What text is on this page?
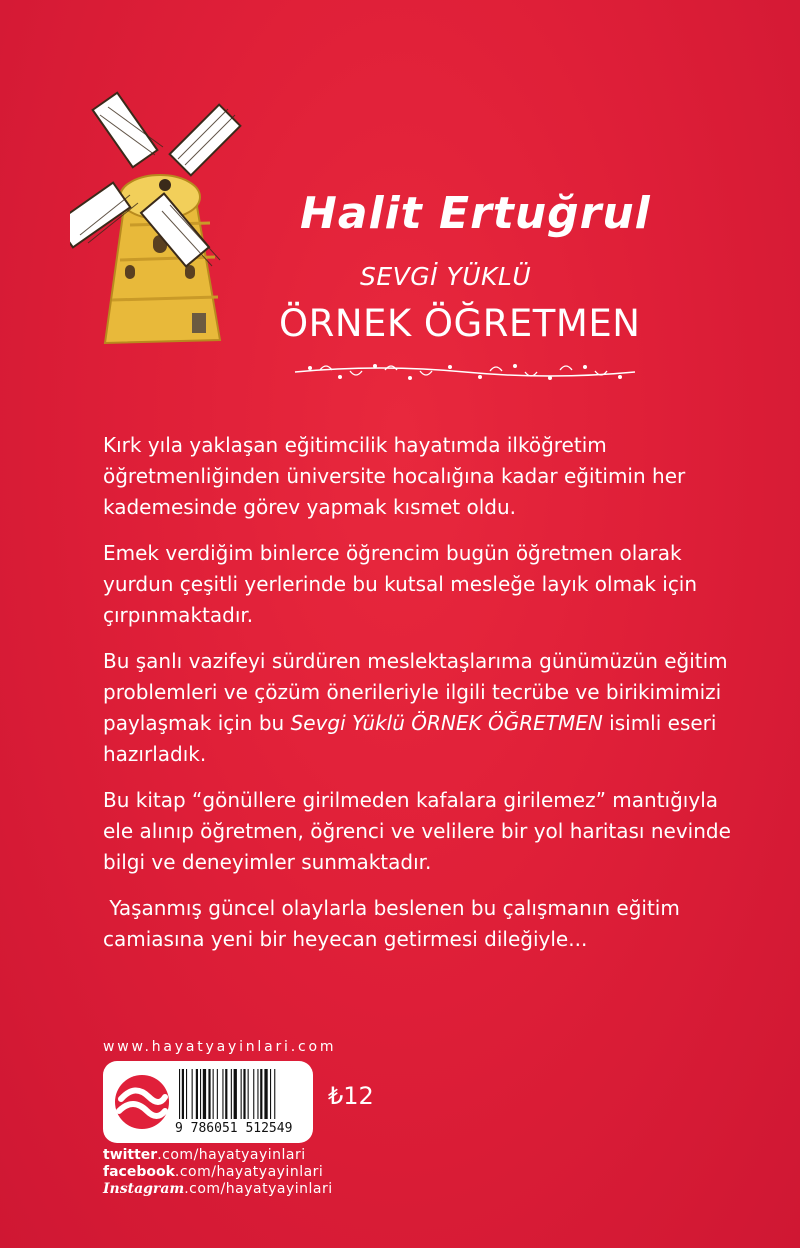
Halit Ertuğrul
SEVGİ YÜKLÜ
ÖRNEK ÖĞRETMEN

Kırk yıla yaklaşan eğitimcilik hayatımda ilköğretim öğretmenliğinden üniversite hocalığına kadar eğitimin her kademesinde görev yapmak kısmet oldu.

Emek verdiğim binlerce öğrencim bugün öğretmen olarak yurdun çeşitli yerlerinde bu kutsal mesleğe layık olmak için çırpınmaktadır.

Bu şanlı vazifeyi sürdüren meslektaşlarıma günümüzün eğitim problemleri ve çözüm önerileriyle ilgili tecrübe ve birikimimizi paylaşmak için bu Sevgi Yüklü ÖRNEK ÖĞRETMEN isimli eseri hazırladık.

Bu kitap “gönüllere girilmeden kafalara girilemez” mantığıyla ele alınıp öğretmen, öğrenci ve velilere bir yol haritası nevinde bilgi ve deneyimler sunmaktadır.

Yaşanmış güncel olaylarla beslenen bu çalışmanın eğitim camiasına yeni bir heyecan getirmesi dileğiyle...

www.hayatyayinlari.com
9 786051 512549
₺12
twitter.com/hayatyayinlari
facebook.com/hayatyayinlari
Instagram.com/hayatyayinlari
